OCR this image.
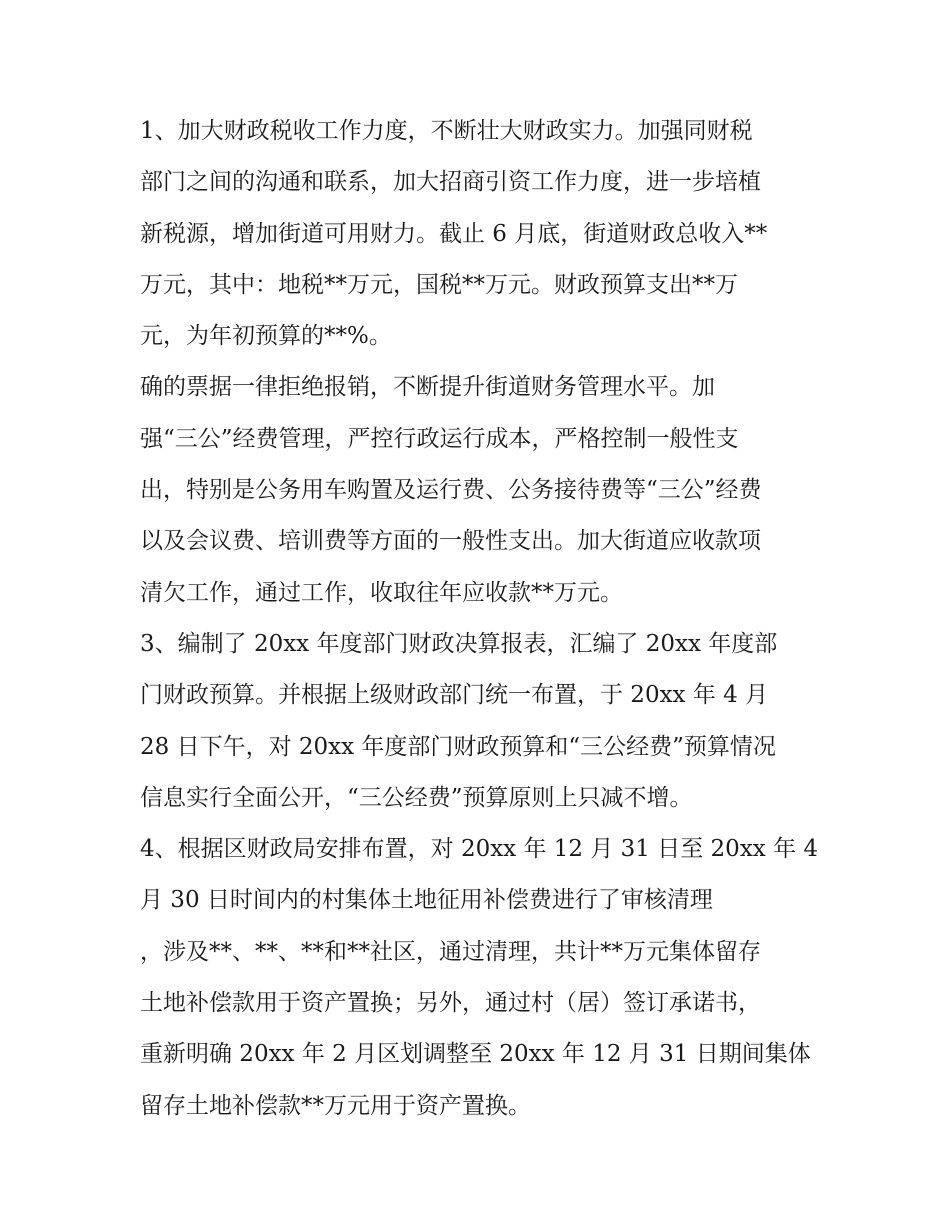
1、加大财政税收工作力度，不断壮大财政实力。加强同财税

部门之间的沟通和联系，加大招商引资工作力度，进一步培植

新税源，增加街道可用财力。截止 6 月底，街道财政总收入**

万元，其中：地税**万元，国税**万元。财政预算支出**万

元，为年初预算的**%。

确的票据一律拒绝报销，不断提升街道财务管理水平。加

强“三公”经费管理，严控行政运行成本，严格控制一般性支

出，特别是公务用车购置及运行费、公务接待费等“三公”经费

以及会议费、培训费等方面的一般性支出。加大街道应收款项

清欠工作，通过工作，收取往年应收款**万元。

3、编制了 20xx 年度部门财政决算报表，汇编了 20xx 年度部

门财政预算。并根据上级财政部门统一布置，于 20xx 年 4 月

28 日下午，对 20xx 年度部门财政预算和“三公经费”预算情况

信息实行全面公开，“三公经费”预算原则上只减不增。

4、根据区财政局安排布置，对 20xx 年 12 月 31 日至 20xx 年 4

月 30 日时间内的村集体土地征用补偿费进行了审核清理

，涉及**、**、**和**社区，通过清理，共计**万元集体留存

土地补偿款用于资产置换；另外，通过村（居）签订承诺书，

重新明确 20xx 年 2 月区划调整至 20xx 年 12 月 31 日期间集体

留存土地补偿款**万元用于资产置换。
